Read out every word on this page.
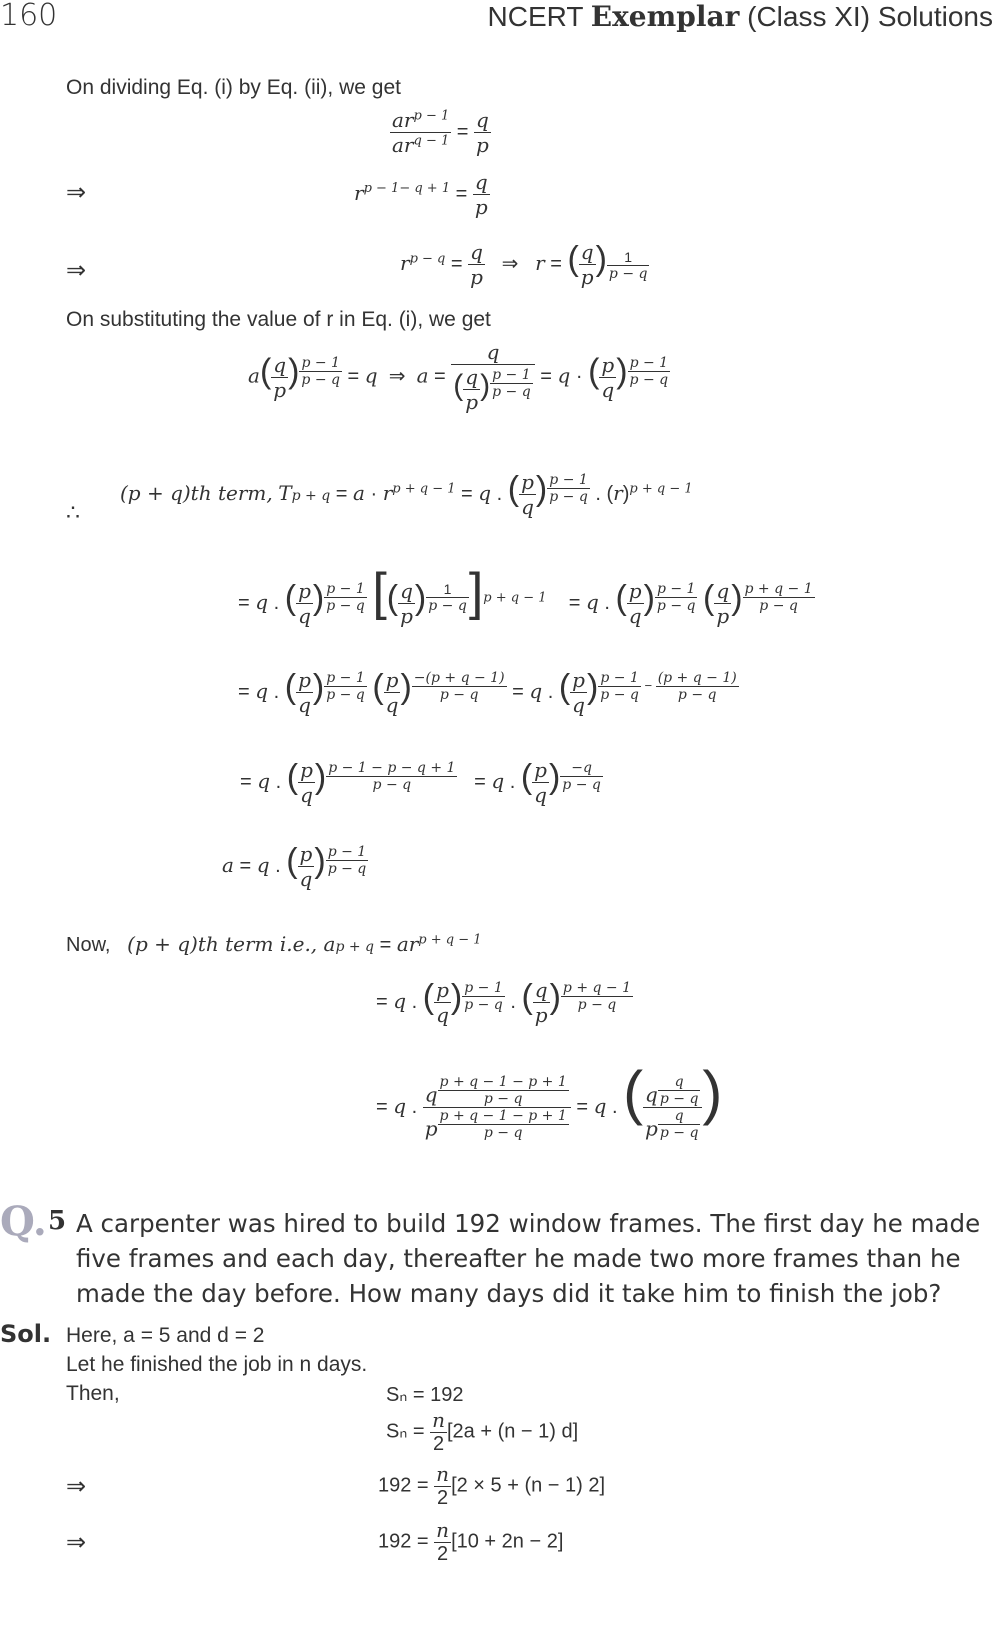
160	NCERT Exemplar (Class XI) Solutions
On dividing Eq. (i) by Eq. (ii), we get
$\frac{ar^{p - 1}}{ar^{q - 1}} = \frac{q}{p}$
⇒	$r^{p - 1- q + 1} = \frac{q}{p}$
⇒	$r^{p - q} = \frac{q}{p}$ ⇒   r = ( $\frac{q}{p}$ ) $^{\frac{1}{p - q}}$
On substituting the value of r in Eq. (i), we get
$a( \frac{q}{p}$ ) $^{\frac{p - 1}{p - q}}$ = q  ⇒  a = q
( $\frac{q}{p}$ ) $^{\frac{p - 1}{p - q}}$ = q · ( $\frac{p}{q}$ ) $^{\frac{p - 1}{p - q}}$
∴
(p + q)th term, $Tp + q = a \cdot r^{p + q - 1} = q$ . ( $\frac{p}{q}$ ) $^{\frac{p - 1}{p - q}}$ . $(r)^{p + q - 1}$
= q . ( $\frac{p}{q}$ ) $^{\frac{p - 1}{p - q}}$ [( $\frac{q}{p}$ ) $^{\frac{1}{p - q}}$ ]$^{p + q - 1}$    = q . ( $\frac{p}{q}$ ) $^{\frac{p - 1}{p - q}}$ ( $\frac{q}{p}$ ) $^{\frac{p + q - 1}{p - q}}$
= q . ( $\frac{p}{q}$ ) $^{\frac{p - 1}{p - q}}$ ( $\frac{p}{q}$ ) $^{\frac{-(p + q - 1)}{p - q}}$ = q . ( $\frac{p}{q}$ ) $^{\frac{p - 1}{p - q} - \frac{(p + q - 1)}{p - q}}$
= q . ( $\frac{p}{q}$ ) $^{\frac{p - 1 - p - q + 1}{p - q}}$ = q . ( $\frac{p}{q}$ ) $^{\frac{-q}{p - q}}$
a = q . ( $\frac{p}{q}$ ) $^{\frac{p - 1}{p - q}}$
Now, (p + q)th term i.e., ap + $q = ar^{p + q - 1}$
= q . ( $\frac{p}{q}$ ) $^{\frac{p - 1}{p - q}}$ . ( $\frac{q}{p}$ ) $^{\frac{p + q - 1}{p - q}}$
= q . q $^{\frac{p + q - 1 - p + 1}{p - q}}$
p $^{\frac{p + q - 1 - p + 1}{p - q}}$ = q . ( q $^{\frac{q}{p - q}}$
p $^{\frac{q}{p - q}}$ )
Q. 5 A carpenter was hired to build 192 window frames. The first day he made
five frames and each day, thereafter he made two more frames than he
made the day before. How many days did it take him to finish the job?
Sol. Here, a = 5 and d = 2
Let he finished the job in n days.
Then,	Sₙ = 192
$S_n = \frac{n}{2} [2a + (n - 1)$ d]
⇒	$192 = \frac{n}{2} [2 \times 5 + (n - 1)$ 2]
⇒	$192 = \frac{n}{2} [10 + 2n - 2]$
